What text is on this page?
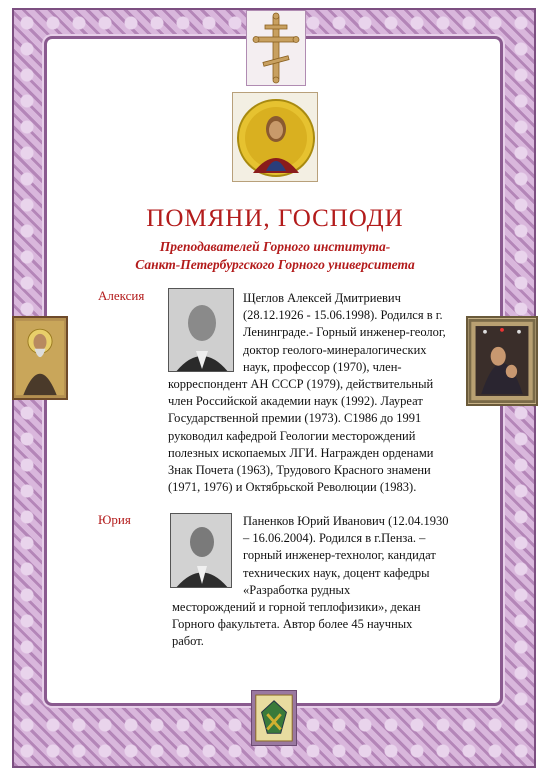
ПОМЯНИ, ГОСПОДИ
Преподавателей Горного института-
Санкт-Петербургского Горного университета
Алексия	Щеглов Алексей Дмитриевич
(28.12.1926 - 15.06.1998). Родился в г.
Ленинграде.- Горный инженер-геолог,
доктор геолого-минералогических
наук, профессор (1970), член-
корреспондент АН СССР (1979), действительный
член Российской академии наук (1992). Лауреат
Государственной премии (1973). С1986 до 1991
руководил кафедрой Геологии месторождений
полезных ископаемых ЛГИ. Награжден орденами
Знак Почета (1963), Трудового Красного знамени
(1971, 1976) и Октябрьской Революции (1983).
Юрия	Паненков Юрий Иванович (12.04.1930
– 16.06.2004). Родился в г.Пенза. –
горный инженер-технолог, кандидат
технических наук, доцент кафедры
«Разработка рудных
месторождений и горной теплофизики», декан
Горного факультета. Автор более 45 научных
работ.
